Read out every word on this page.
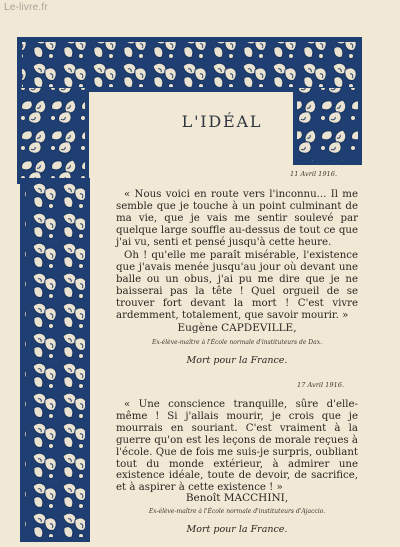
Le-livre.fr
L'IDÉAL
11 Avril 1916.
« Nous voici en route vers l'inconnu... Il me semble que je touche à un point culminant de ma vie, que je vais me sentir soulevé par quelque large souffle au-dessus de tout ce que j'ai vu, senti et pensé jusqu'à cette heure.
Oh ! qu'elle me paraît misérable, l'existence que j'avais menée jusqu'au jour où devant une balle ou un obus, j'ai pu me dire que je ne baisserai pas la tête ! Quel orgueil de se trouver fort devant la mort ! C'est vivre ardemment, totalement, que savoir mourir. »
Eugène CAPDEVILLE,
Ex-élève-maître à l'École normale d'instituteurs de Dax.
Mort pour la France.
17 Avril 1916.
« Une conscience tranquille, sûre d'elle-même ! Si j'allais mourir, je crois que je mourrais en souriant. C'est vraiment à la guerre qu'on est les leçons de morale reçues à l'école. Que de fois me suis-je surpris, oubliant tout du monde extérieur, à admirer une existence idéale, toute de devoir, de sacrifice, et à aspirer à cette existence ! »
Benoît MACCHINI,
Ex-élève-maître à l'École normale d'instituteurs d'Ajaccio.
Mort pour la France.
